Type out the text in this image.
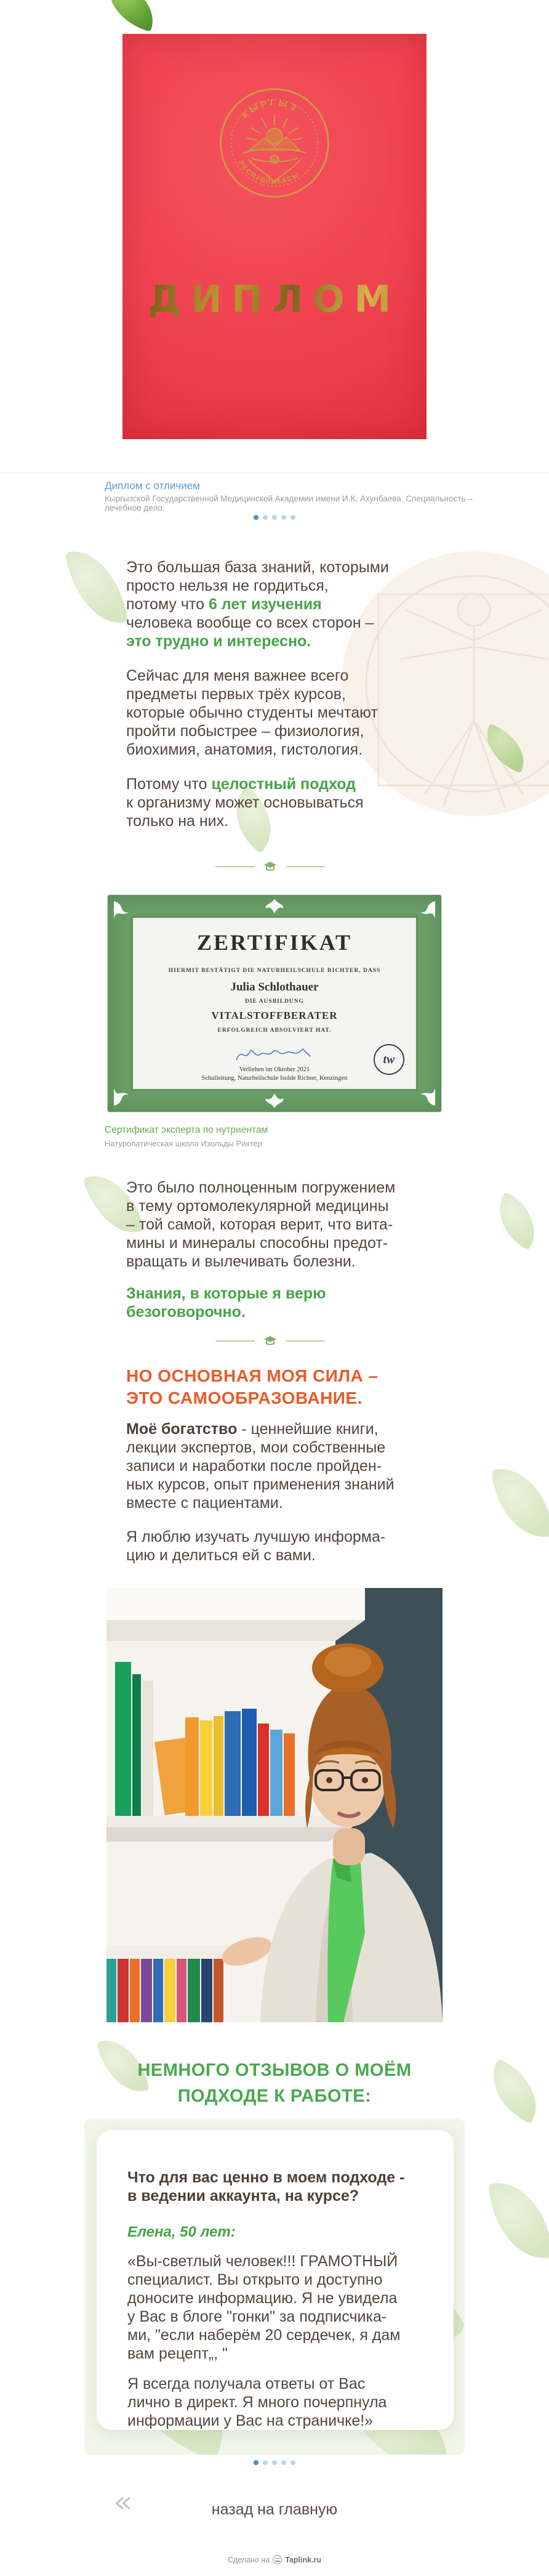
КЫРГЫЗ
РЕСПУБЛИКАСЫ
ДИПЛОМ
Диплом с отличием
Кыргызской Государственной Медицинской Академии имени И.К. Ахунбаева. Специальность – лечебное дело.
Это большая база знаний, которыми
просто нельзя не гордиться,
потому что 6 лет изучения
человека вообще со всех сторон –
это трудно и интересно.
Сейчас для меня важнее всего
предметы первых трёх курсов,
которые обычно студенты мечтают
пройти побыстрее – физиология,
биохимия, анатомия, гистология.
Потому что целостный подход
к организму может основываться
только на них.
ZERTIFIKAT
HIERMIT BESTÄTIGT DIE NATURHEILSCHULE RICHTER, DASS
Julia Schlothauer
DIE AUSBILDUNG
VITALSTOFFBERATER
ERFOLGREICH ABSOLVIERT HAT.
Verliehen im Oktober 2021
Schulleitung, Naturheilschule Isolde Richter, Kenzingen
tw
Сертификат эксперта по нутриентам
Натуропатическая школа Изольды Рихтер
Это было полноценным погружением
в тему ортомолекулярной медицины
– той самой, которая верит, что вита-
мины и минералы способны предот-
вращать и вылечивать болезни.
Знания, в которые я верю
безоговорочно.
НО ОСНОВНАЯ МОЯ СИЛА –
ЭТО САМООБРАЗОВАНИЕ.
Моё богатство - ценнейшие книги,
лекции экспертов, мои собственные
записи и наработки после пройден-
ных курсов, опыт применения знаний
вместе с пациентами.
Я люблю изучать лучшую информа-
цию и делиться ей с вами.
НЕМНОГО ОТЗЫВОВ О МОЁМ
ПОДХОДЕ К РАБОТЕ:
Что для вас ценно в моем подходе -
в ведении аккаунта, на курсе?
Елена, 50 лет:
«Вы-светлый человек!!! ГРАМОТНЫЙ
специалист. Вы открыто и доступно
доносите информацию. Я не увидела
у Вас в блоге "гонки" за подписчика-
ми, "если наберём 20 сердечек, я дам
вам рецепт„, "
Я всегда получала ответы от Вас
лично в директ. Я много почерпнула
информации у Вас на страничке!»
«	назад на главную
Сделано на Taplink.ru
